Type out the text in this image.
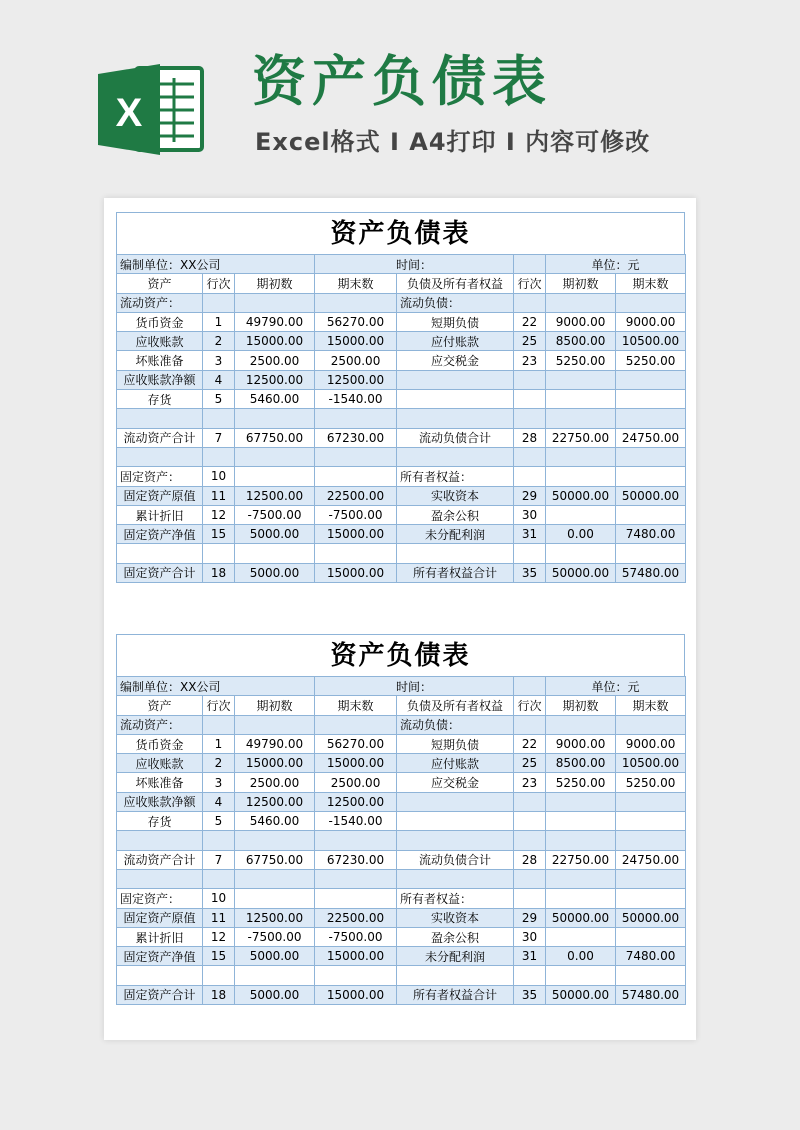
X 资产负债表
Excel格式 I A4打印 I 内容可修改
资产负债表
编制单位：XX公司			时间：			单位：元	
资产	行次	期初数	期末数	负债及所有者权益	行次	期初数	期末数
流动资产：				流动负债：			
货币资金	1	49790.00	56270.00	短期负债	22	9000.00	9000.00
应收账款	2	15000.00	15000.00	应付账款	25	8500.00	10500.00
坏账准备	3	2500.00	2500.00	应交税金	23	5250.00	5250.00
应收账款净额	4	12500.00	12500.00				
存货	5	5460.00	-1540.00				

流动资产合计	7	67750.00	67230.00	流动负债合计	28	22750.00	24750.00

固定资产：	10			所有者权益：			
固定资产原值	11	12500.00	22500.00	实收资本	29	50000.00	50000.00
累计折旧	12	-7500.00	-7500.00	盈余公积	30		
固定资产净值	15	5000.00	15000.00	未分配利润	31	0.00	7480.00

固定资产合计	18	5000.00	15000.00	所有者权益合计	35	50000.00	57480.00
资产负债表
编制单位：XX公司			时间：			单位：元	
资产	行次	期初数	期末数	负债及所有者权益	行次	期初数	期末数
流动资产：				流动负债：			
货币资金	1	49790.00	56270.00	短期负债	22	9000.00	9000.00
应收账款	2	15000.00	15000.00	应付账款	25	8500.00	10500.00
坏账准备	3	2500.00	2500.00	应交税金	23	5250.00	5250.00
应收账款净额	4	12500.00	12500.00				
存货	5	5460.00	-1540.00				

流动资产合计	7	67750.00	67230.00	流动负债合计	28	22750.00	24750.00

固定资产：	10			所有者权益：			
固定资产原值	11	12500.00	22500.00	实收资本	29	50000.00	50000.00
累计折旧	12	-7500.00	-7500.00	盈余公积	30		
固定资产净值	15	5000.00	15000.00	未分配利润	31	0.00	7480.00

固定资产合计	18	5000.00	15000.00	所有者权益合计	35	50000.00	57480.00
